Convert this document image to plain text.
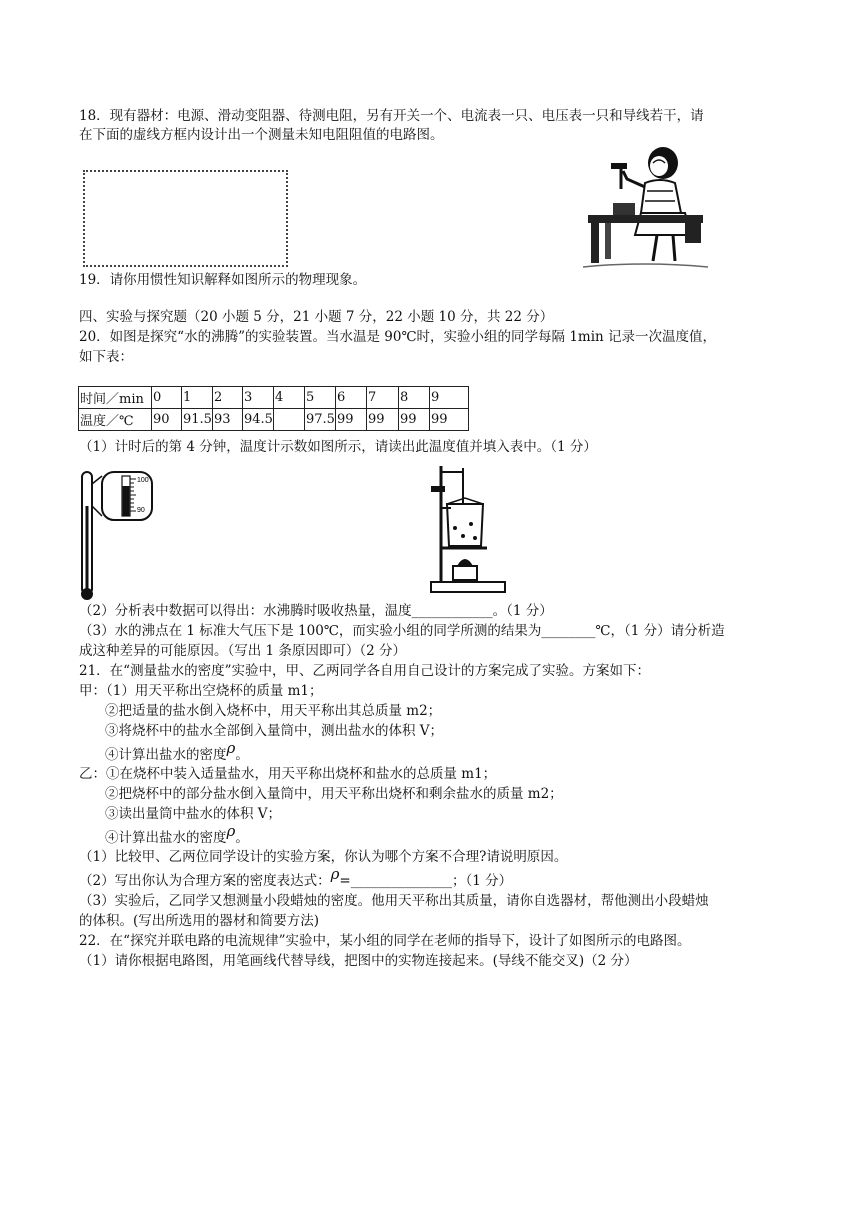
18．现有器材：电源、滑动变阻器、待测电阻，另有开关一个、电流表一只、电压表一只和导线若干，请
在下面的虚线方框内设计出一个测量未知电阻阻值的电路图。
19．请你用惯性知识解释如图所示的物理现象。
四、实验与探究题（20 小题 5 分，21 小题 7 分，22 小题 10 分，共 22 分）
20．如图是探究“水的沸腾”的实验装置。当水温是 90℃时，实验小组的同学每隔 1min 记录一次温度值，
如下表：
时间／min	0	1	2	3	4	5	6	7	8	9
温度／℃	90	91.5	93	94.5		97.5	99	99	99	99
（1）计时后的第 4 分钟，温度计示数如图所示，请读出此温度值并填入表中。（1 分）
100
90
（2）分析表中数据可以得出：水沸腾时吸收热量，温度____________。（1 分）
（3）水的沸点在 1 标准大气压下是 100℃，而实验小组的同学所测的结果为________℃，（1 分）请分析造
成这种差异的可能原因。（写出 1 条原因即可）（2 分）
21．在“测量盐水的密度”实验中，甲、乙两同学各自用自己设计的方案完成了实验。方案如下：
甲：（1）用天平称出空烧杯的质量 m1；
②把适量的盐水倒入烧杯中，用天平称出其总质量 m2；
③将烧杯中的盐水全部倒入量筒中，测出盐水的体积 V；
④计算出盐水的密度ρ。
乙：①在烧杯中装入适量盐水，用天平称出烧杯和盐水的总质量 m1；
②把烧杯中的部分盐水倒入量筒中，用天平称出烧杯和剩余盐水的质量 m2；
③读出量筒中盐水的体积 V；
④计算出盐水的密度ρ。
（1）比较甲、乙两位同学设计的实验方案，你认为哪个方案不合理?请说明原因。
（2）写出你认为合理方案的密度表达式：ρ=_______________；（1 分）
（3）实验后，乙同学又想测量小段蜡烛的密度。他用天平称出其质量，请你自选器材，帮他测出小段蜡烛
的体积。(写出所选用的器材和简要方法)
22．在“探究并联电路的电流规律”实验中，某小组的同学在老师的指导下，设计了如图所示的电路图。
（1）请你根据电路图，用笔画线代替导线，把图中的实物连接起来。(导线不能交叉)（2 分）
